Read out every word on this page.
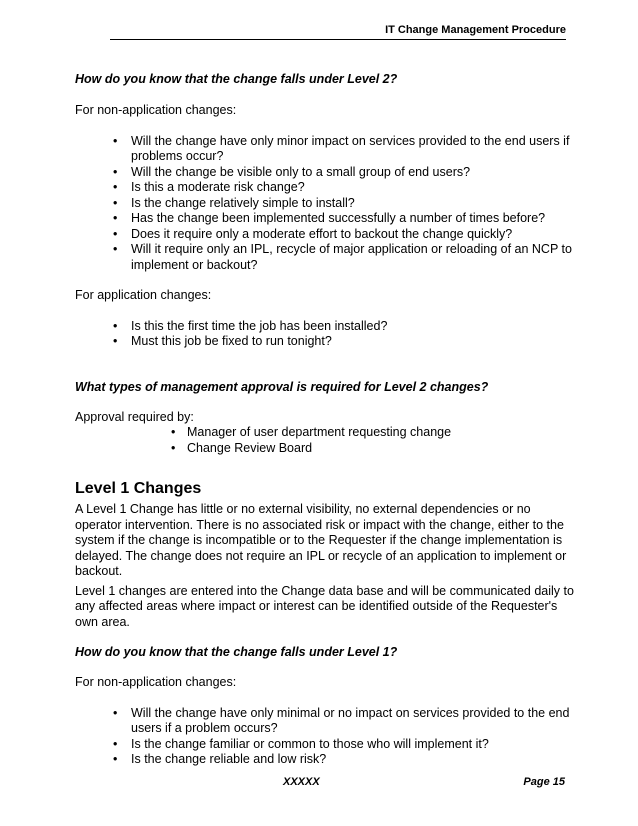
IT Change Management Procedure

How do you know that the change falls under Level 2?

For non-application changes:

• Will the change have only minor impact on services provided to the end users if problems occur?
• Will the change be visible only to a small group of end users?
• Is this a moderate risk change?
• Is the change relatively simple to install?
• Has the change been implemented successfully a number of times before?
• Does it require only a moderate effort to backout the change quickly?
• Will it require only an IPL, recycle of major application or reloading of an NCP to implement or backout?

For application changes:

• Is this the first time the job has been installed?
• Must this job be fixed to run tonight?

What types of management approval is required for Level 2 changes?

Approval required by:

• Manager of user department requesting change
• Change Review Board
Level 1 Changes

A Level 1 Change has little or no external visibility, no external dependencies or no operator intervention. There is no associated risk or impact with the change, either to the system if the change is incompatible or to the Requester if the change implementation is delayed. The change does not require an IPL or recycle of an application to implement or backout.

Level 1 changes are entered into the Change data base and will be communicated daily to any affected areas where impact or interest can be identified outside of the Requester's own area.

How do you know that the change falls under Level 1?

For non-application changes:

• Will the change have only minimal or no impact on services provided to the end users if a problem occurs?
• Is the change familiar or common to those who will implement it?
• Is the change reliable and low risk?
XXXXX	Page 15
